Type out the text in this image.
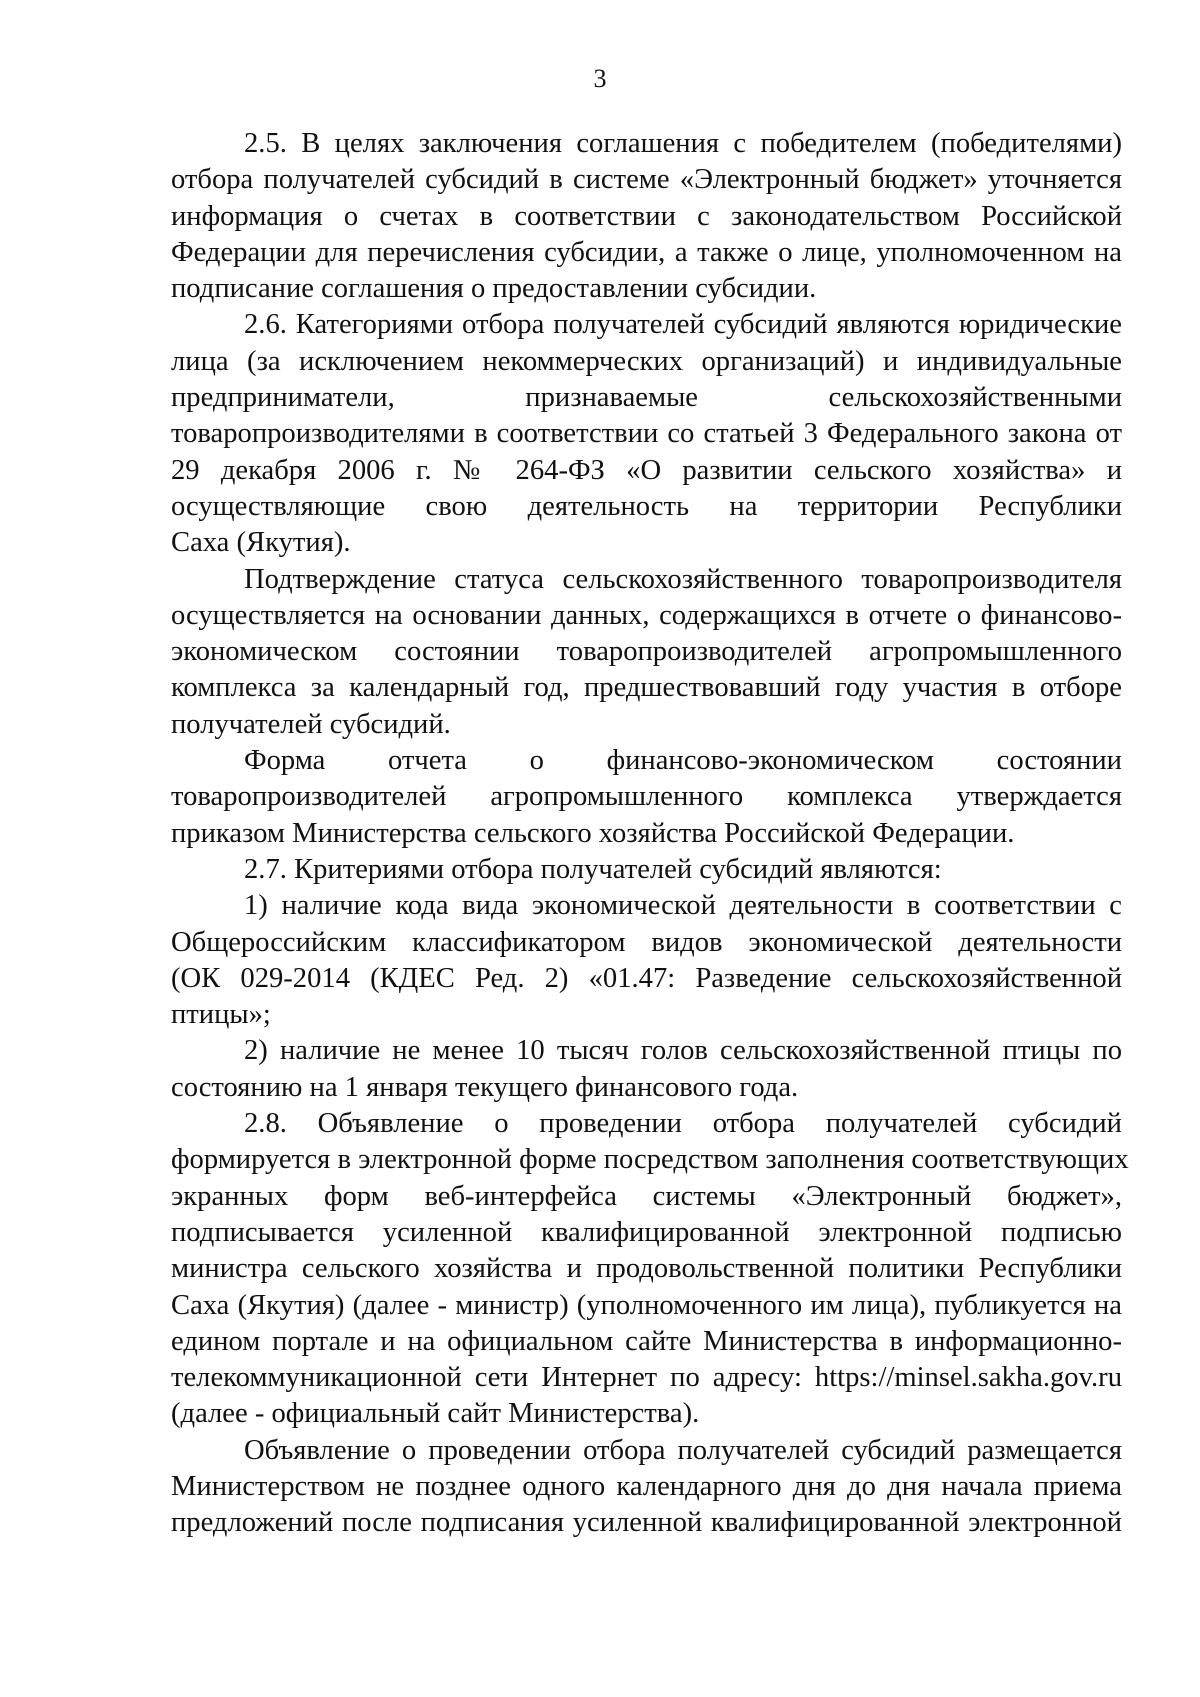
3
2.5. В целях заключения соглашения с победителем (победителями)
отбора получателей субсидий в системе «Электронный бюджет» уточняется
информация о счетах в соответствии с законодательством Российской
Федерации для перечисления субсидии, а также о лице, уполномоченном на
подписание соглашения о предоставлении субсидии.
2.6. Категориями отбора получателей субсидий являются юридические
лица (за исключением некоммерческих организаций) и индивидуальные
предприниматели, признаваемые сельскохозяйственными
товаропроизводителями в соответствии со статьей 3 Федерального закона от
29 декабря 2006 г. № 264-ФЗ «О развитии сельского хозяйства» и
осуществляющие свою деятельность на территории Республики
Саха (Якутия).
Подтверждение статуса сельскохозяйственного товаропроизводителя
осуществляется на основании данных, содержащихся в отчете о финансово-
экономическом состоянии товаропроизводителей агропромышленного
комплекса за календарный год, предшествовавший году участия в отборе
получателей субсидий.
Форма отчета о финансово-экономическом состоянии
товаропроизводителей агропромышленного комплекса утверждается
приказом Министерства сельского хозяйства Российской Федерации.
2.7. Критериями отбора получателей субсидий являются:
1) наличие кода вида экономической деятельности в соответствии с
Общероссийским классификатором видов экономической деятельности
(ОК 029-2014 (КДЕС Ред. 2) «01.47: Разведение сельскохозяйственной
птицы»;
2) наличие не менее 10 тысяч голов сельскохозяйственной птицы по
состоянию на 1 января текущего финансового года.
2.8. Объявление о проведении отбора получателей субсидий
формируется в электронной форме посредством заполнения соответствующих
экранных форм веб-интерфейса системы «Электронный бюджет»,
подписывается усиленной квалифицированной электронной подписью
министра сельского хозяйства и продовольственной политики Республики
Саха (Якутия) (далее - министр) (уполномоченного им лица), публикуется на
едином портале и на официальном сайте Министерства в информационно-
телекоммуникационной сети Интернет по адресу: https://minsel.sakha.gov.ru
(далее - официальный сайт Министерства).
Объявление о проведении отбора получателей субсидий размещается
Министерством не позднее одного календарного дня до дня начала приема
предложений после подписания усиленной квалифицированной электронной
